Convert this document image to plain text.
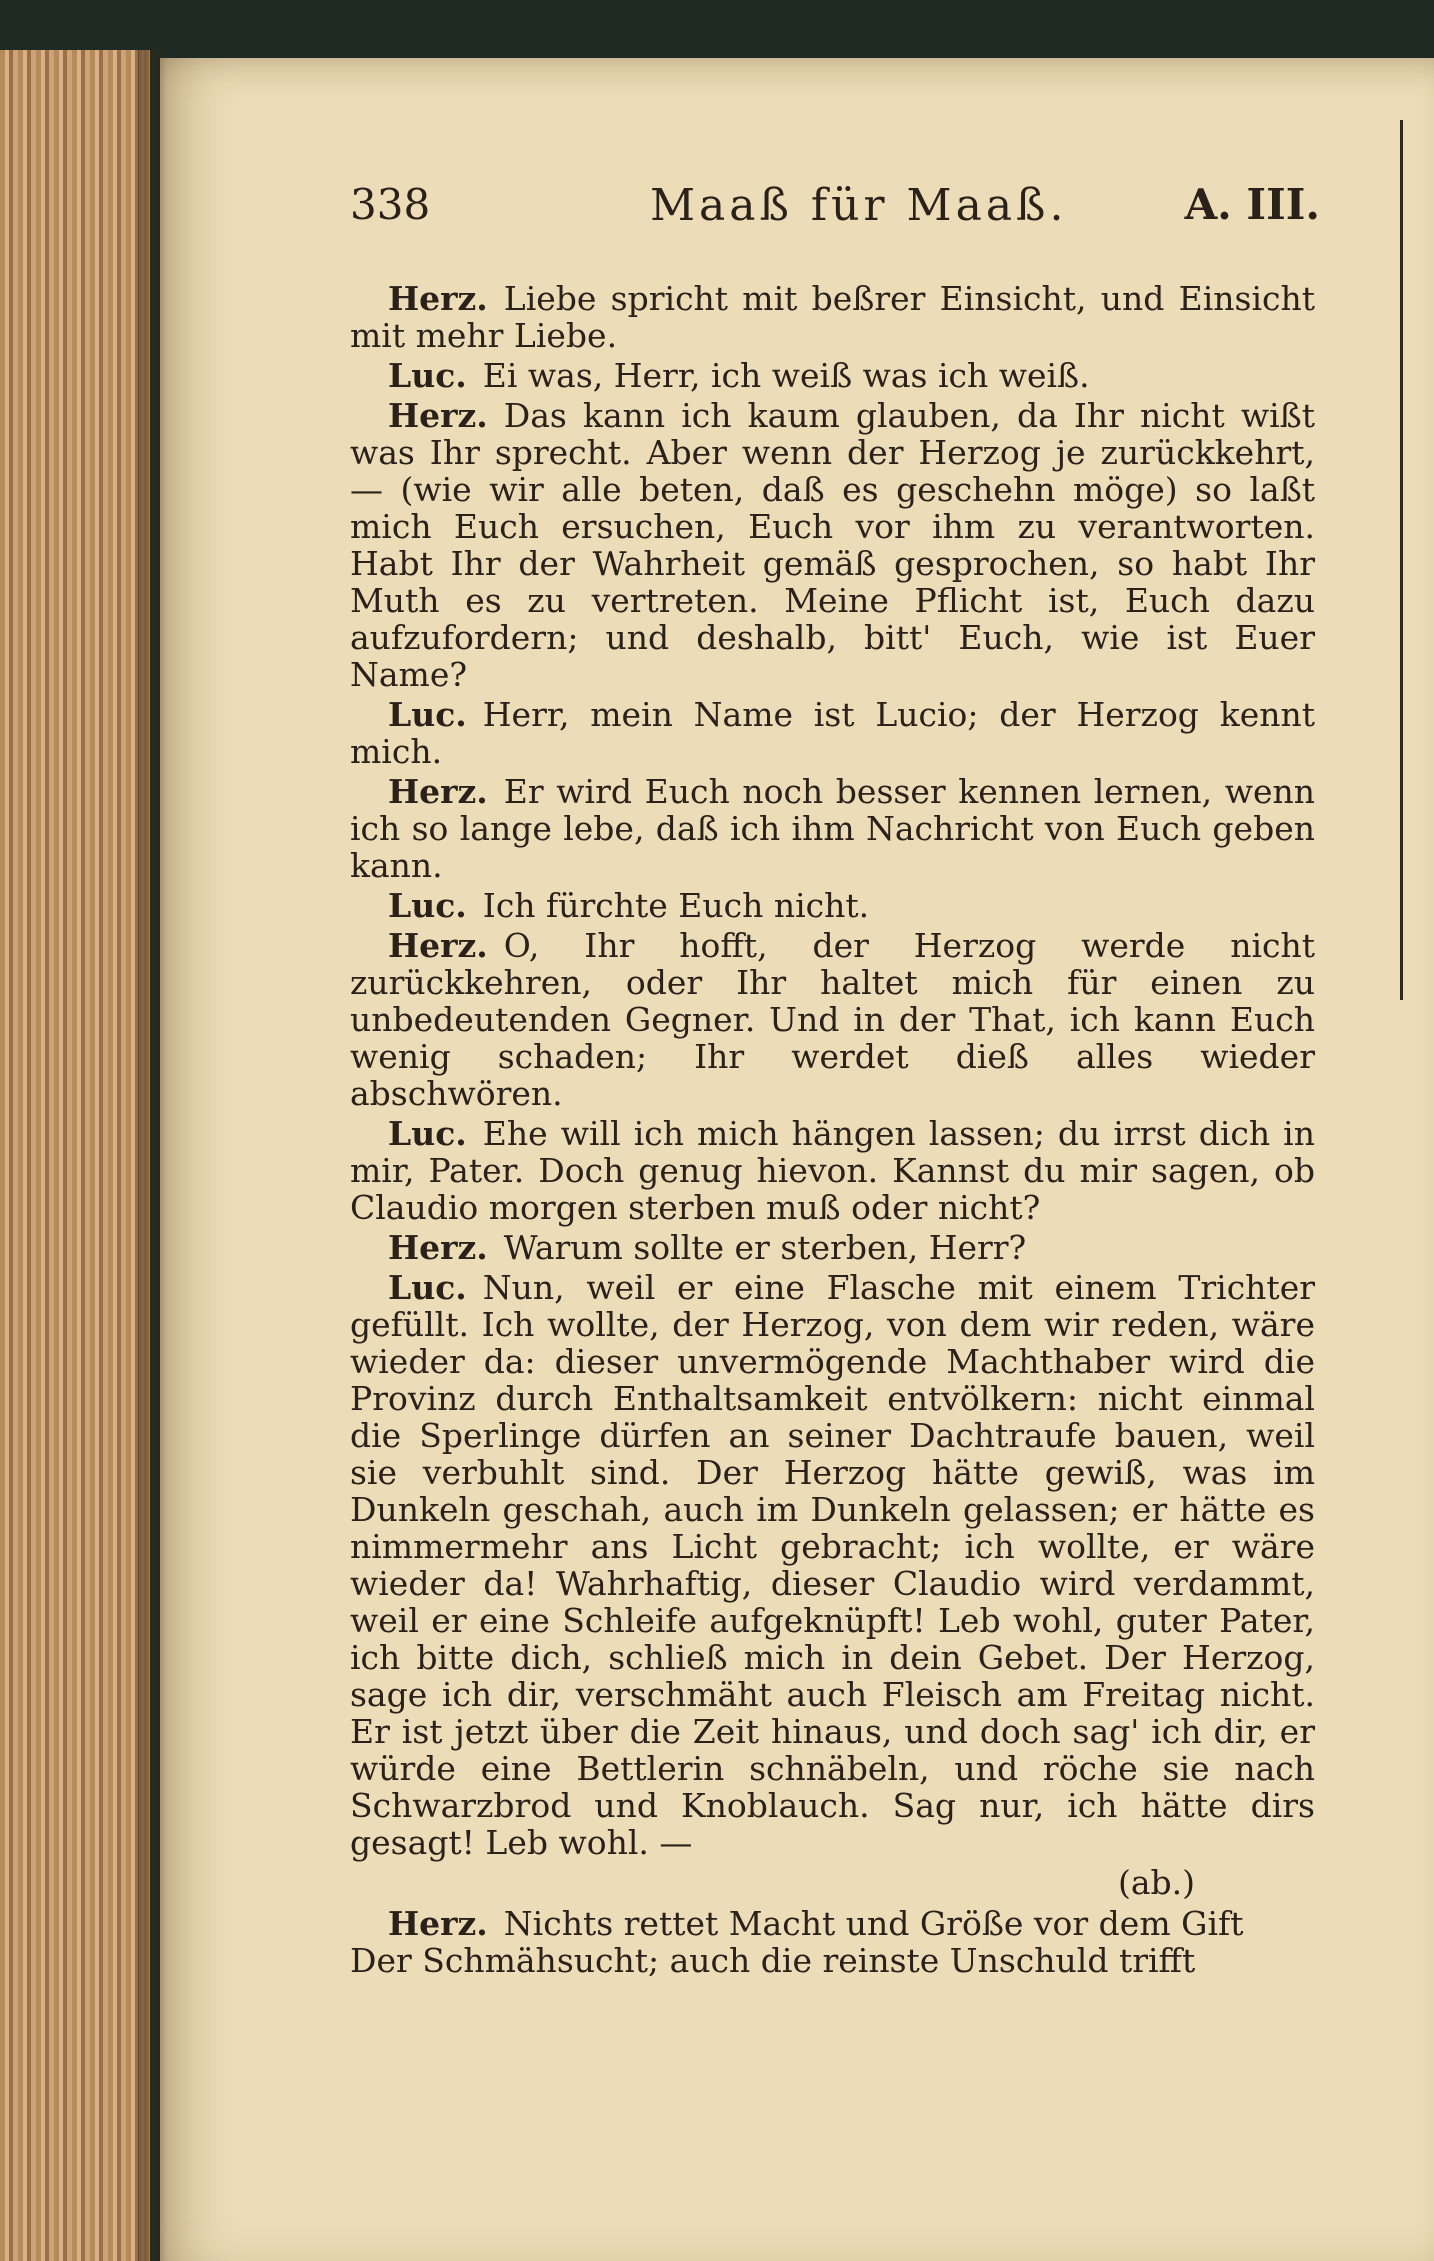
338	Maaß für Maaß.	A. III.

Herz. Liebe spricht mit beßrer Einsicht, und Einsicht mit mehr Liebe.

Luc. Ei was, Herr, ich weiß was ich weiß.

Herz. Das kann ich kaum glauben, da Ihr nicht wißt was Ihr sprecht. Aber wenn der Herzog je zurückkehrt, — (wie wir alle beten, daß es geschehn möge) so laßt mich Euch ersuchen, Euch vor ihm zu verantworten. Habt Ihr der Wahrheit gemäß gesprochen, so habt Ihr Muth es zu vertreten. Meine Pflicht ist, Euch dazu aufzufordern; und deshalb, bitt' Euch, wie ist Euer Name?

Luc. Herr, mein Name ist Lucio; der Herzog kennt mich.

Herz. Er wird Euch noch besser kennen lernen, wenn ich so lange lebe, daß ich ihm Nachricht von Euch geben kann.

Luc. Ich fürchte Euch nicht.

Herz. O, Ihr hofft, der Herzog werde nicht zurückkehren, oder Ihr haltet mich für einen zu unbedeutenden Gegner. Und in der That, ich kann Euch wenig schaden; Ihr werdet dieß alles wieder abschwören.

Luc. Ehe will ich mich hängen lassen; du irrst dich in mir, Pater. Doch genug hievon. Kannst du mir sagen, ob Claudio morgen sterben muß oder nicht?

Herz. Warum sollte er sterben, Herr?

Luc. Nun, weil er eine Flasche mit einem Trichter gefüllt. Ich wollte, der Herzog, von dem wir reden, wäre wieder da: dieser unvermögende Machthaber wird die Provinz durch Enthaltsamkeit entvölkern: nicht einmal die Sperlinge dürfen an seiner Dachtraufe bauen, weil sie verbuhlt sind. Der Herzog hätte gewiß, was im Dunkeln geschah, auch im Dunkeln gelassen; er hätte es nimmermehr ans Licht gebracht; ich wollte, er wäre wieder da! Wahrhaftig, dieser Claudio wird verdammt, weil er eine Schleife aufgeknüpft! Leb wohl, guter Pater, ich bitte dich, schließ mich in dein Gebet. Der Herzog, sage ich dir, verschmäht auch Fleisch am Freitag nicht. Er ist jetzt über die Zeit hinaus, und doch sag' ich dir, er würde eine Bettlerin schnäbeln, und röche sie nach Schwarzbrod und Knoblauch. Sag nur, ich hätte dirs gesagt! Leb wohl. —

(ab.)

Herz. Nichts rettet Macht und Größe vor dem Gift

Der Schmähsucht; auch die reinste Unschuld trifft
